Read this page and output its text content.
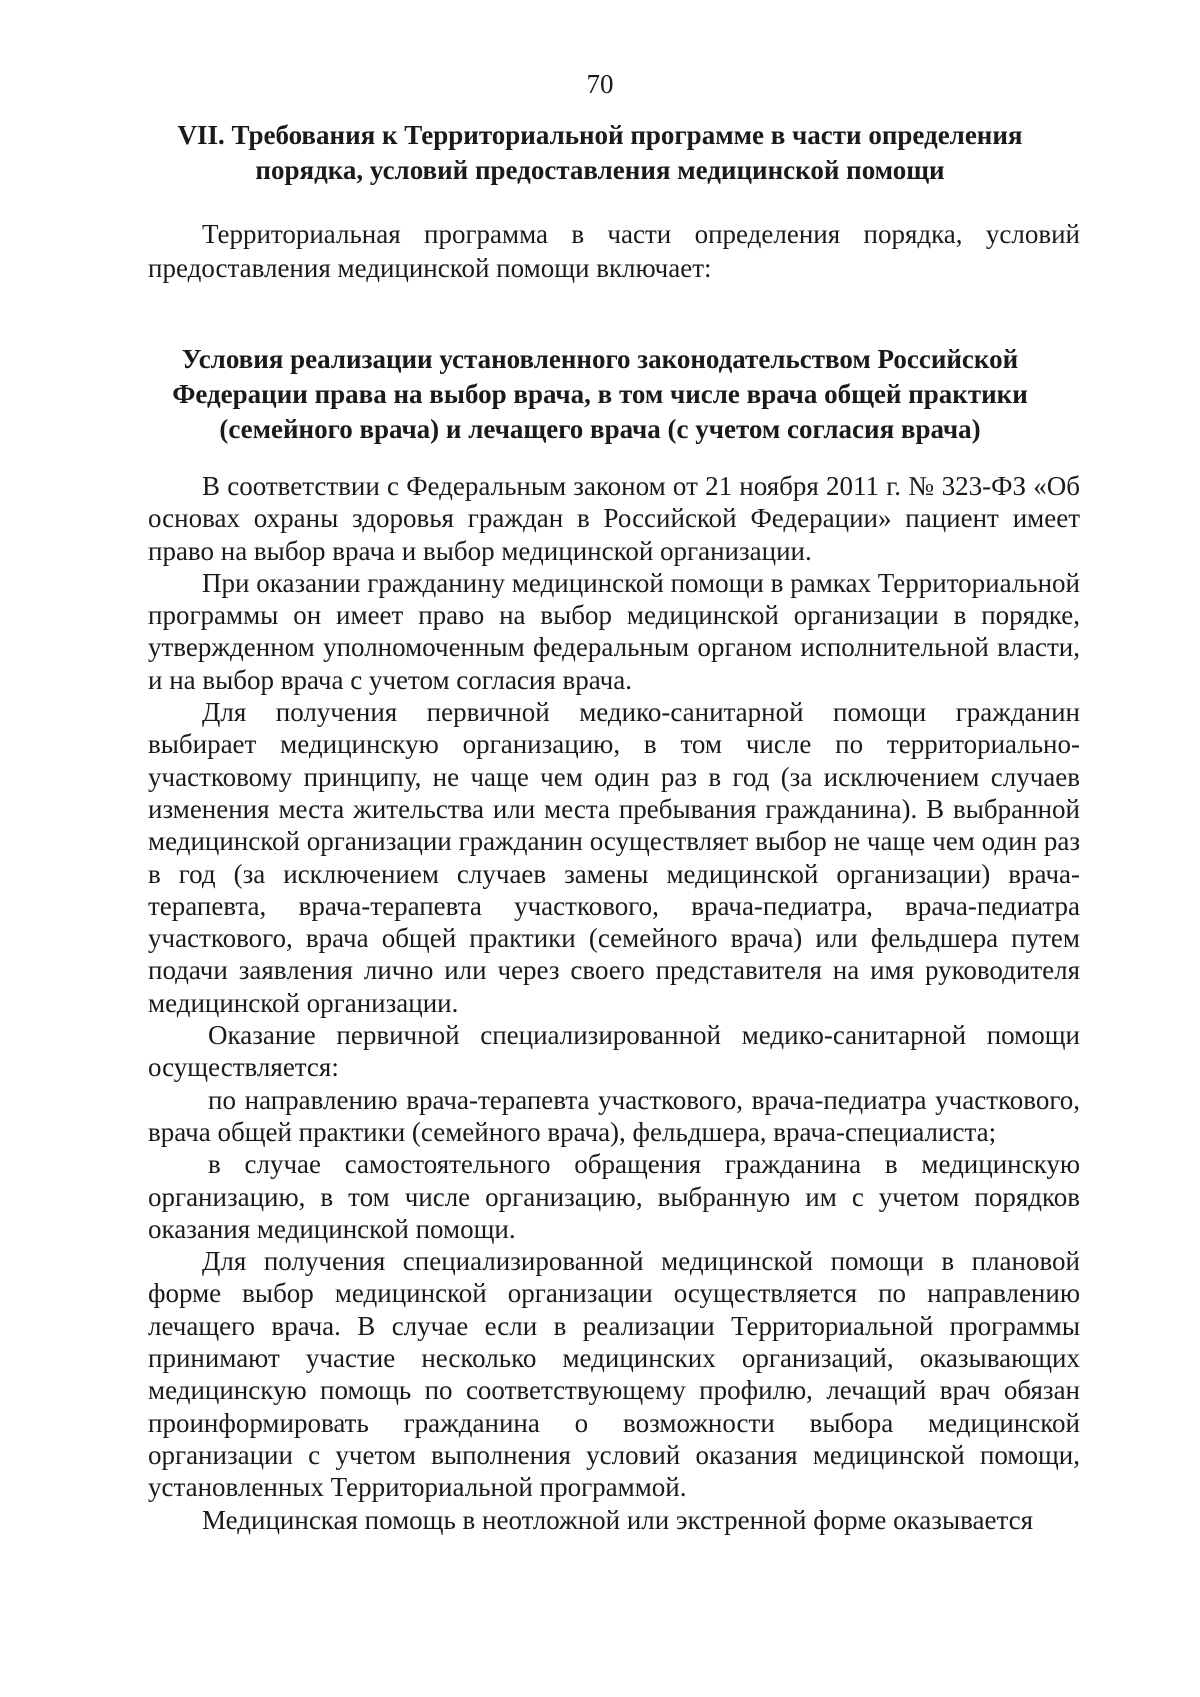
70
VII. Требования к Территориальной программе в части определения
порядка, условий предоставления медицинской помощи

Территориальная программа в части определения порядка, условий предоставления медицинской помощи включает:

Условия реализации установленного законодательством Российской
Федерации права на выбор врача, в том числе врача общей практики
(семейного врача) и лечащего врача (с учетом согласия врача)

В соответствии с Федеральным законом от 21 ноября 2011 г. № 323-ФЗ «Об основах охраны здоровья граждан в Российской Федерации» пациент имеет право на выбор врача и выбор медицинской организации.

При оказании гражданину медицинской помощи в рамках Территориальной программы он имеет право на выбор медицинской организации в порядке, утвержденном уполномоченным федеральным органом исполнительной власти, и на выбор врача с учетом согласия врача.

Для получения первичной медико-санитарной помощи гражданин выбирает медицинскую организацию, в том числе по территориально-участковому принципу, не чаще чем один раз в год (за исключением случаев изменения места жительства или места пребывания гражданина). В выбранной медицинской организации гражданин осуществляет выбор не чаще чем один раз в год (за исключением случаев замены медицинской организации) врача-терапевта, врача-терапевта участкового, врача-педиатра, врача-педиатра участкового, врача общей практики (семейного врача) или фельдшера путем подачи заявления лично или через своего представителя на имя руководителя медицинской организации.

Оказание первичной специализированной медико-санитарной помощи осуществляется:

по направлению врача-терапевта участкового, врача-педиатра участкового, врача общей практики (семейного врача), фельдшера, врача-специалиста;

в случае самостоятельного обращения гражданина в медицинскую организацию, в том числе организацию, выбранную им с учетом порядков оказания медицинской помощи.

Для получения специализированной медицинской помощи в плановой форме выбор медицинской организации осуществляется по направлению лечащего врача. В случае если в реализации Территориальной программы принимают участие несколько медицинских организаций, оказывающих медицинскую помощь по соответствующему профилю, лечащий врач обязан проинформировать гражданина о возможности выбора медицинской организации с учетом выполнения условий оказания медицинской помощи, установленных Территориальной программой.

Медицинская помощь в неотложной или экстренной форме оказывается
